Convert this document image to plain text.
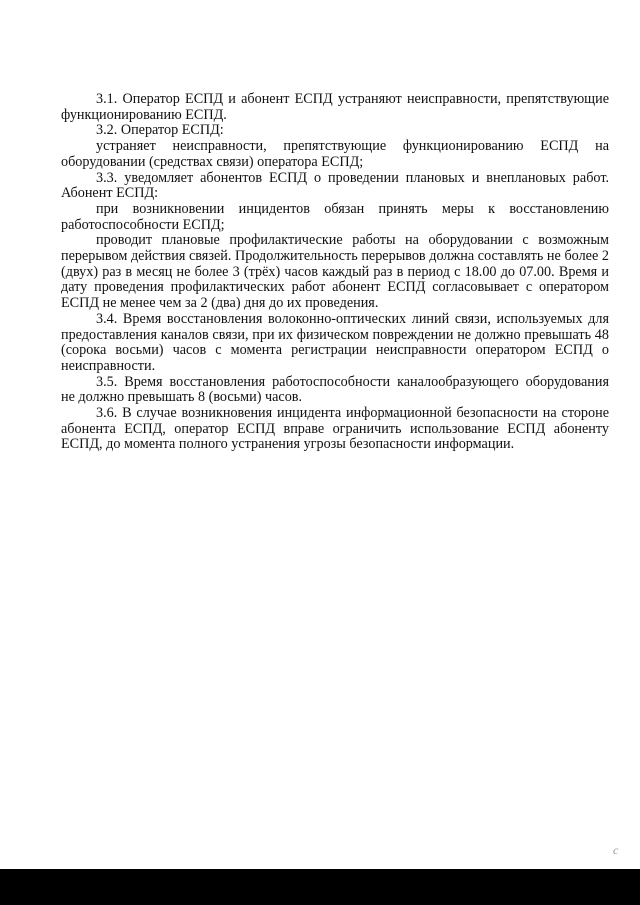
3.1. Оператор ЕСПД и абонент ЕСПД устраняют неисправности, препятствующие функционированию ЕСПД.

3.2. Оператор ЕСПД:

устраняет неисправности, препятствующие функционированию ЕСПД на оборудовании (средствах связи) оператора ЕСПД;

3.3. уведомляет абонентов ЕСПД о проведении плановых и внеплановых работ. Абонент ЕСПД:

при возникновении инцидентов обязан принять меры к восстановлению работоспособности ЕСПД;

проводит плановые профилактические работы на оборудовании с возможным перерывом действия связей. Продолжительность перерывов должна составлять не более 2 (двух) раз в месяц не более 3 (трёх) часов каждый раз в период с 18.00 до 07.00. Время и дату проведения профилактических работ абонент ЕСПД согласовывает с оператором ЕСПД не менее чем за 2 (два) дня до их проведения.

3.4. Время восстановления волоконно-оптических линий связи, используемых для предоставления каналов связи, при их физическом повреждении не должно превышать 48 (сорока восьми) часов с момента регистрации неисправности оператором ЕСПД о неисправности.

3.5. Время восстановления работоспособности каналообразующего оборудования не должно превышать 8 (восьми) часов.

3.6. В случае возникновения инцидента информационной безопасности на стороне абонента ЕСПД, оператор ЕСПД вправе ограничить использование ЕСПД абоненту ЕСПД, до момента полного устранения угрозы безопасности информации.

c
